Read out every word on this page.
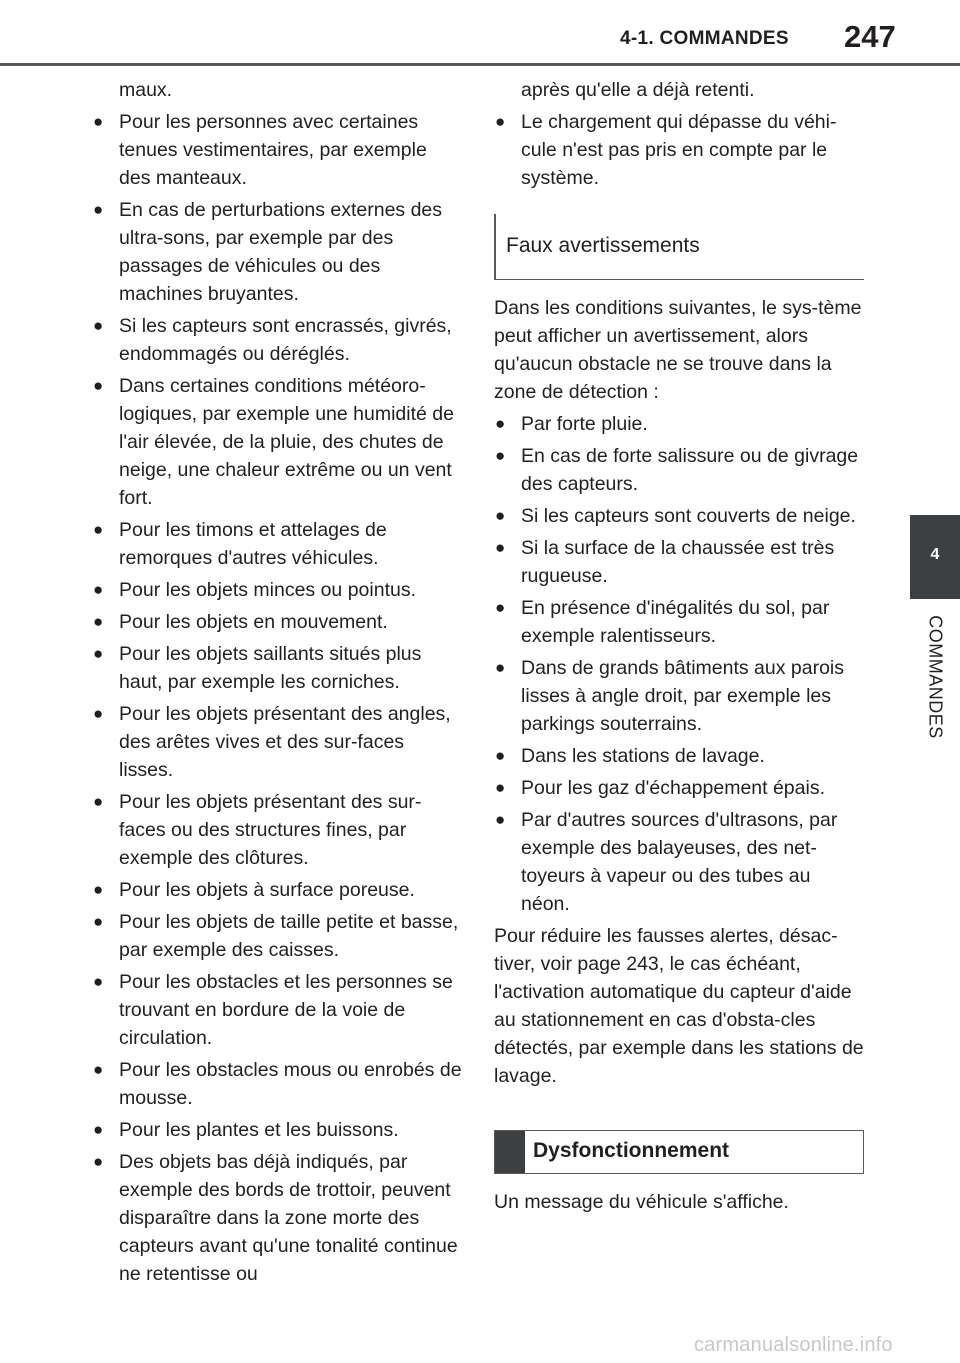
4-1. COMMANDES 247
4
COMMANDES
maux.
● Pour les personnes avec certaines tenues vestimentaires, par exemple des manteaux.
● En cas de perturbations externes des ultra-sons, par exemple par des passages de véhicules ou des machines bruyantes.
● Si les capteurs sont encrassés, givrés, endommagés ou déréglés.
● Dans certaines conditions météoro-logiques, par exemple une humidité de l'air élevée, de la pluie, des chutes de neige, une chaleur extrême ou un vent fort.
● Pour les timons et attelages de remorques d'autres véhicules.
● Pour les objets minces ou pointus.
● Pour les objets en mouvement.
● Pour les objets saillants situés plus haut, par exemple les corniches.
● Pour les objets présentant des angles, des arêtes vives et des sur-faces lisses.
● Pour les objets présentant des sur-faces ou des structures fines, par exemple des clôtures.
● Pour les objets à surface poreuse.
● Pour les objets de taille petite et basse, par exemple des caisses.
● Pour les obstacles et les personnes se trouvant en bordure de la voie de circulation.
● Pour les obstacles mous ou enrobés de mousse.
● Pour les plantes et les buissons.
● Des objets bas déjà indiqués, par exemple des bords de trottoir, peuvent disparaître dans la zone morte des capteurs avant qu'une tonalité continue ne retentisse ou
après qu'elle a déjà retenti.
● Le chargement qui dépasse du véhi-cule n'est pas pris en compte par le système.
Faux avertissements
Dans les conditions suivantes, le sys-tème peut afficher un avertissement, alors qu'aucun obstacle ne se trouve dans la zone de détection :
● Par forte pluie.
● En cas de forte salissure ou de givrage des capteurs.
● Si les capteurs sont couverts de neige.
● Si la surface de la chaussée est très rugueuse.
● En présence d'inégalités du sol, par exemple ralentisseurs.
● Dans de grands bâtiments aux parois lisses à angle droit, par exemple les parkings souterrains.
● Dans les stations de lavage.
● Pour les gaz d'échappement épais.
● Par d'autres sources d'ultrasons, par exemple des balayeuses, des net-toyeurs à vapeur ou des tubes au néon.
Pour réduire les fausses alertes, désac-tiver, voir page 243, le cas échéant, l'activation automatique du capteur d'aide au stationnement en cas d'obsta-cles détectés, par exemple dans les stations de lavage.
Dysfonctionnement
Un message du véhicule s'affiche.
carmanualsonline.info
